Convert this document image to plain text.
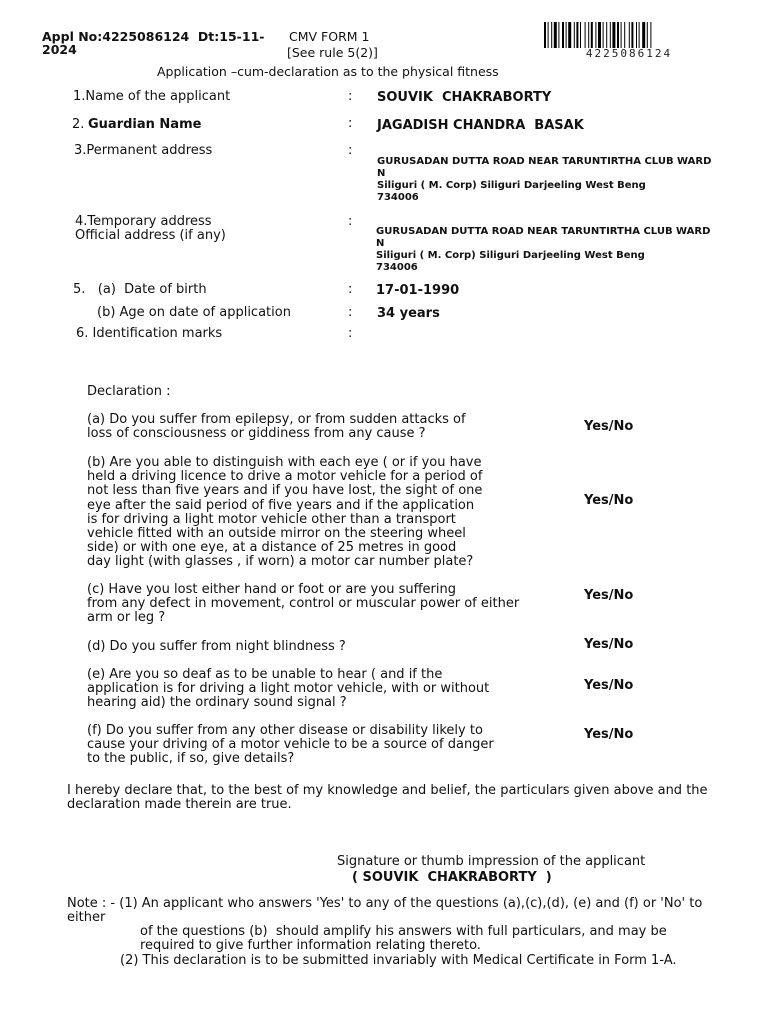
Appl No:4225086124  Dt:15-11-
2024
CMV FORM 1
[See rule 5(2)]	4225086124
Application –cum-declaration as to the physical fitness
1.Name of the applicant	: SOUVIK  CHAKRABORTY
2. Guardian Name	: JAGADISH CHANDRA  BASAK
3.Permanent address	:
GURUSADAN DUTTA ROAD NEAR TARUNTIRTHA CLUB WARD
N
Siliguri ( M. Corp) Siliguri Darjeeling West Beng
734006
4.Temporary address
Official address (if any)
:
GURUSADAN DUTTA ROAD NEAR TARUNTIRTHA CLUB WARD
N
Siliguri ( M. Corp) Siliguri Darjeeling West Beng
734006
5.   (a)  Date of birth	: 17-01-1990
(b) Age on date of application	: 34 years
6. Identification marks	:
Declaration :
(a) Do you suffer from epilepsy, or from sudden attacks of
loss of consciousness or giddiness from any cause ?	Yes/No
(b) Are you able to distinguish with each eye ( or if you have
held a driving licence to drive a motor vehicle for a period of
not less than five years and if you have lost, the sight of one
eye after the said period of five years and if the application
is for driving a light motor vehicle other than a transport
vehicle fitted with an outside mirror on the steering wheel
side) or with one eye, at a distance of 25 metres in good
day light (with glasses , if worn) a motor car number plate?
Yes/No
(c) Have you lost either hand or foot or are you suffering
from any defect in movement, control or muscular power of either
arm or leg ?
Yes/No
(d) Do you suffer from night blindness ?	Yes/No
(e) Are you so deaf as to be unable to hear ( and if the
application is for driving a light motor vehicle, with or without
hearing aid) the ordinary sound signal ?
Yes/No
(f) Do you suffer from any other disease or disability likely to
cause your driving of a motor vehicle to be a source of danger
to the public, if so, give details?
Yes/No
I hereby declare that, to the best of my knowledge and belief, the particulars given above and the
declaration made therein are true.
Signature or thumb impression of the applicant
( SOUVIK  CHAKRABORTY  )
Note : - (1) An applicant who answers 'Yes' to any of the questions (a),(c),(d), (e) and (f) or 'No' to
either
of the questions (b)  should amplify his answers with full particulars, and may be
required to give further information relating thereto.
(2) This declaration is to be submitted invariably with Medical Certificate in Form 1-A.
